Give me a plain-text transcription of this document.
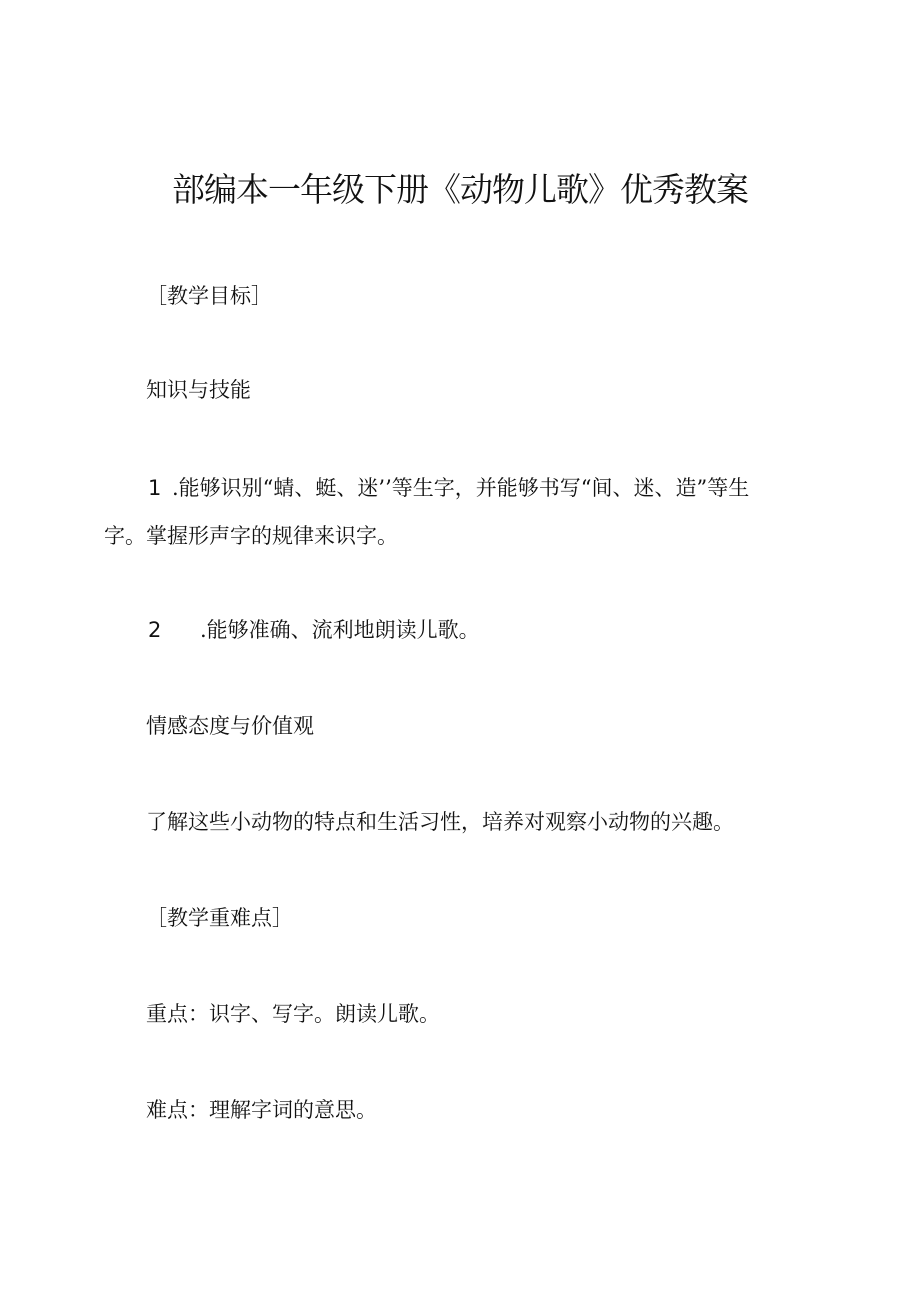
部编本一年级下册《动物儿歌》优秀教案
［教学目标］
知识与技能
1 .能够识别“蜻、蜓、迷’’等生字，并能够书写“间、迷、造”等生
字。掌握形声字的规律来识字。
2 .能够准确、流利地朗读儿歌。
情感态度与价值观
了解这些小动物的特点和生活习性，培养对观察小动物的兴趣。
［教学重难点］
重点：识字、写字。朗读儿歌。
难点：理解字词的意思。
